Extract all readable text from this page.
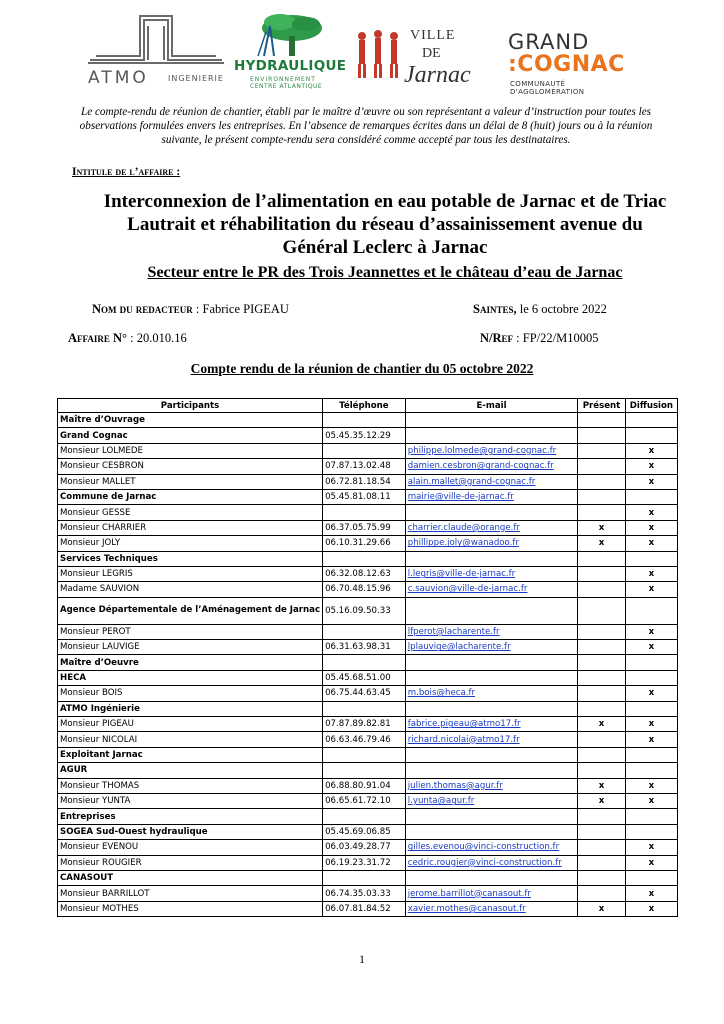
ATMO INGENIERIE
HYDRAULIQUE
ENVIRONNEMENT
CENTRE ATLANTIQUE
VILLE
DE
Jarnac
GRAND
:COGNAC
COMMUNAUTÉ D'AGGLOMÉRATION

Le compte-rendu de réunion de chantier, établi par le maître d’œuvre ou son représentant a valeur d’instruction pour toutes les observations formulées envers les entreprises. En l’absence de remarques écrites dans un délai de 8 (huit) jours ou à la réunion suivante, le présent compte-rendu sera considéré comme accepté par tous les destinataires.

Intitule de l’affaire :
Interconnexion de l’alimentation en eau potable de Jarnac et de Triac Lautrait et réhabilitation du réseau d’assainissement avenue du Général Leclerc à Jarnac
Secteur entre le PR des Trois Jeannettes et le château d’eau de Jarnac
Nom du redacteur : Fabrice PIGEAU	Saintes, le 6 octobre 2022
Affaire N° : 20.010.16	N/Ref : FP/22/M10005
Compte rendu de la réunion de chantier du 05 octobre 2022
Participants	Téléphone	E-mail	Présent	Diffusion
Maître d’Ouvrage				
Grand Cognac	05.45.35.12.29			
Monsieur LOLMEDE		philippe.lolmede@grand-cognac.fr		x
Monsieur CESBRON	07.87.13.02.48	damien.cesbron@grand-cognac.fr		x
Monsieur MALLET	06.72.81.18.54	alain.mallet@grand-cognac.fr		x
Commune de Jarnac	05.45.81.08.11	mairie@ville-de-jarnac.fr		
Monsieur GESSE				x
Monsieur CHARRIER	06.37.05.75.99	charrier.claude@orange.fr	x	x
Monsieur JOLY	06.10.31.29.66	phillippe.joly@wanadoo.fr	x	x
Services Techniques				
Monsieur LEGRIS	06.32.08.12.63	l.legris@ville-de-jarnac.fr		x
Madame SAUVION	06.70.48.15.96	c.sauvion@ville-de-jarnac.fr		x
Agence Départementale de l’Aménagement de Jarnac	05.16.09.50.33			
Monsieur PEROT		lfperot@lacharente.fr		x
Monsieur LAUVIGE	06.31.63.98.31	lplauvige@lacharente.fr		x
Maître d’Oeuvre				
HECA	05.45.68.51.00			
Monsieur BOIS	06.75.44.63.45	m.bois@heca.fr		x
ATMO Ingénierie				
Monsieur PIGEAU	07.87.89.82.81	fabrice.pigeau@atmo17.fr	x	x
Monsieur NICOLAI	06.63.46.79.46	richard.nicolai@atmo17.fr		x
Exploitant Jarnac				
AGUR				
Monsieur THOMAS	06.88.80.91.04	julien.thomas@agur.fr	x	x
Monsieur YUNTA	06.65.61.72.10	l.yunta@agur.fr	x	x
Entreprises				
SOGEA Sud-Ouest hydraulique	05.45.69.06.85			
Monsieur EVENOU	06.03.49.28.77	gilles.evenou@vinci-construction.fr		x
Monsieur ROUGIER	06.19.23.31.72	cedric.rougier@vinci-construction.fr		x
CANASOUT				
Monsieur BARRILLOT	06.74.35.03.33	jerome.barrillot@canasout.fr		x
Monsieur MOTHES	06.07.81.84.52	xavier.mothes@canasout.fr	x	x
1
